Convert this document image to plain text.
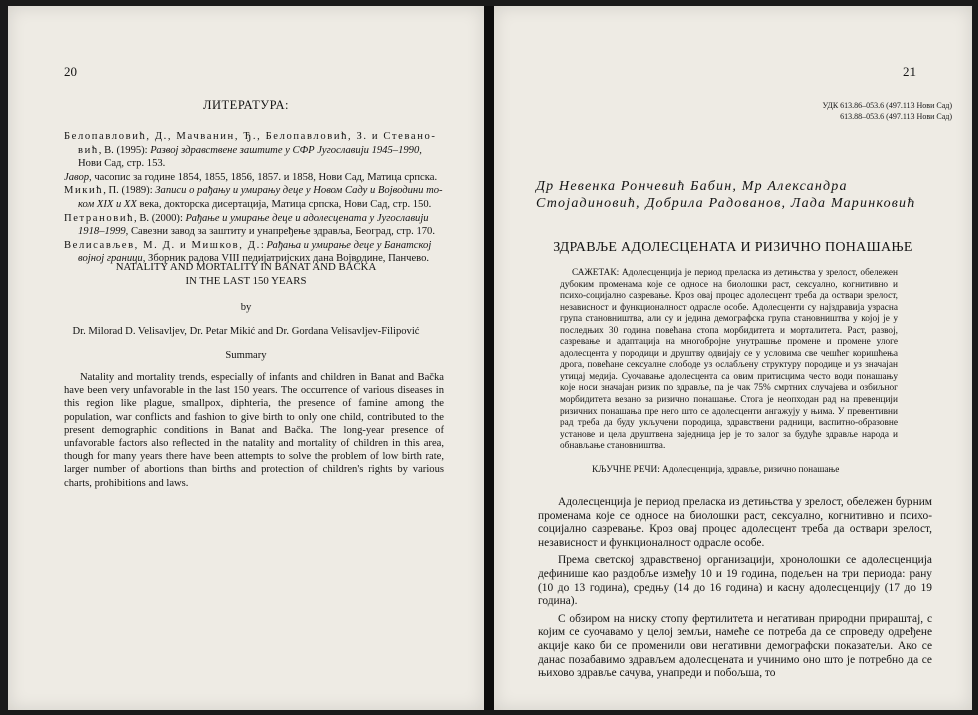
20
ЛИТЕРАТУРА:
Белопавловић, Д., Мачванин, Ђ., Белопавловић, З. и Стевано-
вић, В. (1995): Развој здравствене заштите у СФР Југославији 1945–1990,
Нови Сад, стр. 153.
Јавор, часопис за године 1854, 1855, 1856, 1857. и 1858, Нови Сад, Матица српска.
Микић, П. (1989): Записи о рађању и умирању деце у Новом Саду и Војводини то-
ком XIX и XX века, докторска дисертација, Матица српска, Нови Сад, стр. 150.
Петрановић, В. (2000): Рађање и умирање деце и адолесцената у Југославији
1918–1999, Савезни завод за заштиту и унапређење здравља, Београд, стр. 170.
Велисављев, М. Д. и Мишков, Д.: Рађања и умирање деце у Банатској
војној граници, Зборник радова VIII педијатријских дана Војводине, Панчево.
NATALITY AND MORTALITY IN BANAT AND BAČKA
IN THE LAST 150 YEARS
by
Dr. Milorad D. Velisavljev, Dr. Petar Mikić and Dr. Gordana Velisavljev-Filipović
Summary
Natality and mortality trends, especially of infants and children in Banat and Bačka have been very unfavorable in the last 150 years. The occurrence of various diseases in this region like plague, smallpox, diphteria, the presence of famine among the population, war conflicts and fashion to give birth to only one child, contributed to the present demographic conditions in Banat and Bačka. The long-year presence of unfavorable factors also reflected in the natality and mortality of children in this area, though for many years there have been attempts to solve the problem of low birth rate, larger number of abortions than births and protection of children's rights by various charts, prohibitions and laws.
21
УДК 613.86–053.6 (497.113 Нови Сад)
613.88–053.6 (497.113 Нови Сад)
Др Невенка Рончевић Бабин, Мр Александра
Стојадиновић, Добрила Радованов, Лада Маринковић
ЗДРАВЉЕ АДОЛЕСЦЕНАТА И РИЗИЧНО ПОНАШАЊЕ
САЖЕТАК: Адолесценција је период преласка из детињства у зрелост, обележен дубоким променама које се односе на биолошки раст, сексуално, когнитивно и психо-социјално сазревање. Кроз овај процес адолесцент треба да оствари зрелост, независност и функционалност одрасле особе. Адолесценти су најздравија узрасна група становништва, али су и једина демографска група становништва у којој је у последњих 30 година повећана стопа морбидитета и морталитета. Раст, развој, сазревање и адаптација на многобројне унутрашње промене и промене улоге адолесцента у породици и друштву одвијају се у условима све чешћег коришћења дрога, повећане сексуалне слободе уз ослабљену структуру породице и уз значајан утицај медија. Суочавање адолесцента са овим притисцима често води понашању које носи значајан ризик по здравље, па је чак 75% смртних случајева и озбиљног морбидитета везано за ризично понашање. Стога је неопходан рад на превенцији ризичних понашања пре него што се адолесценти ангажују у њима. У превентивни рад треба да буду укључени породица, здравствени радници, васпитно-образовне установе и цела друштвена заједница јер је то залог за будуће здравље народа и обнављање становништва.
КЉУЧНЕ РЕЧИ: Адолесценција, здравље, ризично понашање

Адолесценција је период преласка из детињства у зрелост, обележен бурним променама које се односе на биолошки раст, сексуално, когнитивно и психо-социјално сазревање. Кроз овај процес адолесцент треба да оствари зрелост, независност и функционалност одрасле особе.

Према светској здравственој организацији, хронолошки се адолесценција дефинише као раздобље између 10 и 19 година, подељен на три периода: рану (10 до 13 година), средњу (14 до 16 година) и касну адолесценцију (17 до 19 година).

С обзиром на ниску стопу фертилитета и негативан природни прираштај, с којим се суочавамо у целој земљи, намеће се потреба да се спроведу одређене акције како би се променили ови негативни демографски показатељи. Ако се данас позабавимо здрављем адолесцената и учинимо оно што је потребно да се њихово здравље сачува, унапреди и побољша, то
